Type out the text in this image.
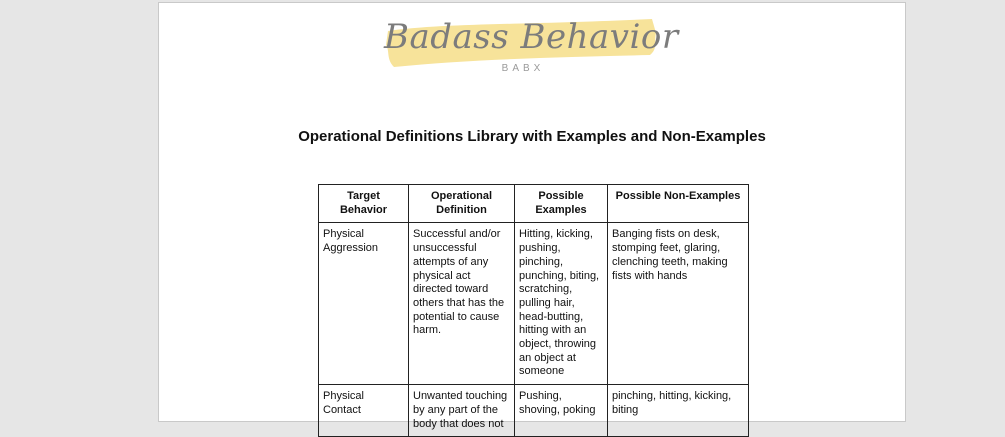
Badass Behavior
BABX
Operational Definitions Library with Examples and Non-Examples
Target Behavior	Operational Definition	Possible Examples	Possible Non-Examples
Physical Aggression	Successful and/or unsuccessful attempts of any physical act directed toward others that has the potential to cause harm.	Hitting, kicking, pushing, pinching, punching, biting, scratching, pulling hair, head-butting, hitting with an object, throwing an object at someone	Banging fists on desk, stomping feet, glaring, clenching teeth, making fists with hands
Physical Contact	Unwanted touching by any part of the body that does not	Pushing, shoving, poking	pinching, hitting, kicking, biting
